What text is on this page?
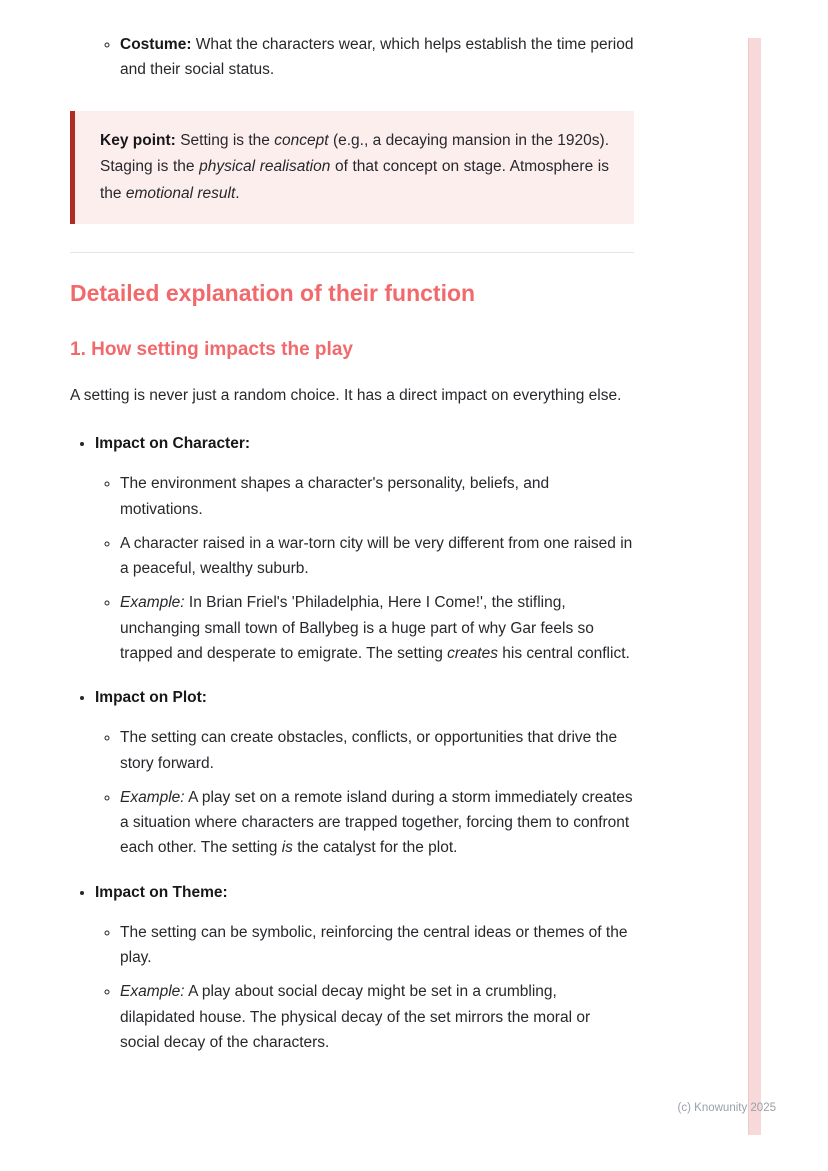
◦ Costume: What the characters wear, which helps establish the time period and their social status.
Key point: Setting is the concept (e.g., a decaying mansion in the 1920s). Staging is the physical realisation of that concept on stage. Atmosphere is the emotional result.
Detailed explanation of their function
1. How setting impacts the play

A setting is never just a random choice. It has a direct impact on everything else.

• Impact on Character:
◦ The environment shapes a character's personality, beliefs, and motivations.
◦ A character raised in a war-torn city will be very different from one raised in a peaceful, wealthy suburb.
◦ Example: In Brian Friel's 'Philadelphia, Here I Come!', the stifling, unchanging small town of Ballybeg is a huge part of why Gar feels so trapped and desperate to emigrate. The setting creates his central conflict.
• Impact on Plot:
◦ The setting can create obstacles, conflicts, or opportunities that drive the story forward.
◦ Example: A play set on a remote island during a storm immediately creates a situation where characters are trapped together, forcing them to confront each other. The setting is the catalyst for the plot.
• Impact on Theme:
◦ The setting can be symbolic, reinforcing the central ideas or themes of the play.
◦ Example: A play about social decay might be set in a crumbling, dilapidated house. The physical decay of the set mirrors the moral or social decay of the characters.
(c) Knowunity 2025
